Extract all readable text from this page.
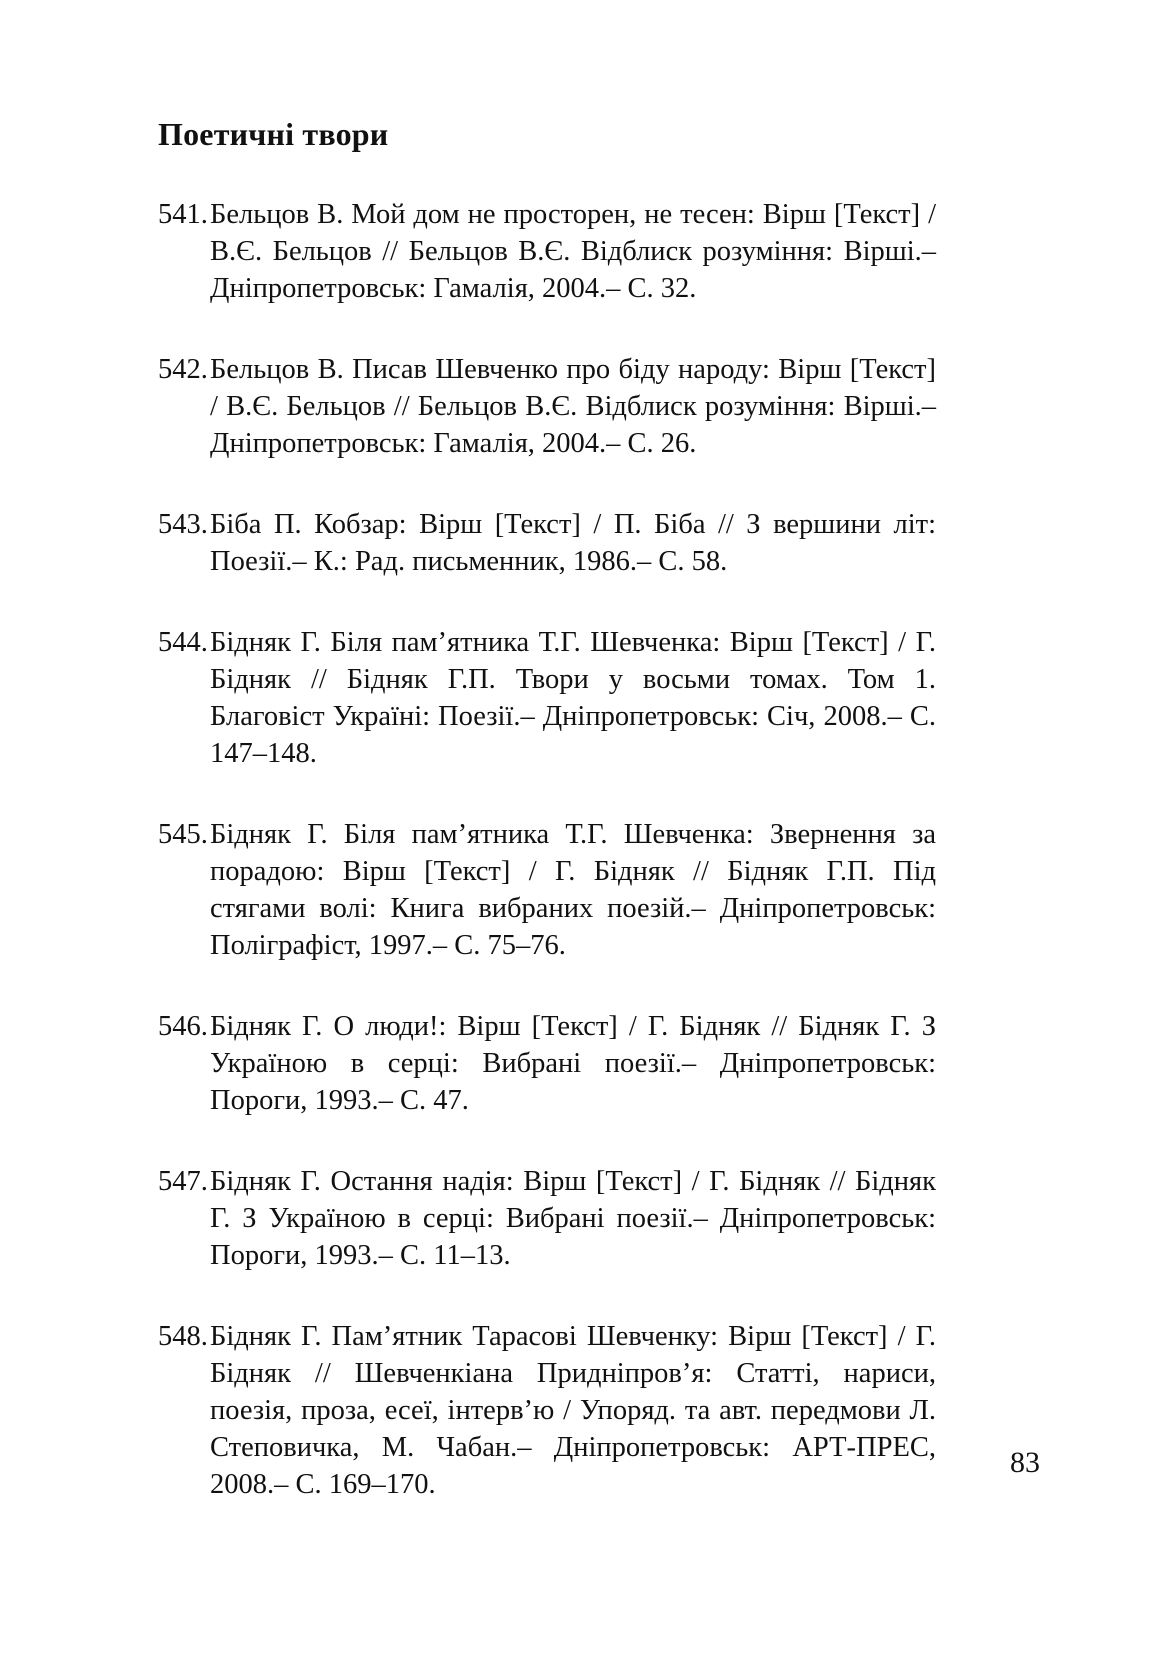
Поетичні твори
541. Бельцов В. Мой дом не просторен, не тесен: Вірш [Текст] / В.Є. Бельцов // Бельцов В.Є. Відблиск розуміння: Вірші.– Дніпропетровськ: Гамалія, 2004.– С. 32.
542. Бельцов В. Писав Шевченко про біду народу: Вірш [Текст] / В.Є. Бельцов // Бельцов В.Є. Відблиск розуміння: Вірші.– Дніпропетровськ: Гамалія, 2004.– С. 26.
543. Біба П. Кобзар: Вірш [Текст] / П. Біба // З вершини літ: Поезії.– К.: Рад. письменник, 1986.– С. 58.
544. Бідняк Г. Біля пам’ятника Т.Г. Шевченка: Вірш [Текст] / Г. Бідняк // Бідняк Г.П. Твори у восьми томах. Том 1. Благовіст Україні: Поезії.– Дніпропетровськ: Січ, 2008.– С. 147–148.
545. Бідняк Г. Біля пам’ятника Т.Г. Шевченка: Звернення за порадою: Вірш [Текст] / Г. Бідняк // Бідняк Г.П. Під стягами волі: Книга вибраних поезій.– Дніпропетровськ: Поліграфіст, 1997.– С. 75–76.
546. Бідняк Г. О люди!: Вірш [Текст] / Г. Бідняк // Бідняк Г. З Україною в серці: Вибрані поезії.– Дніпропетровськ: Пороги, 1993.– С. 47.
547. Бідняк Г. Остання надія: Вірш [Текст] / Г. Бідняк // Бідняк Г. З Україною в серці: Вибрані поезії.– Дніпропетровськ: Пороги, 1993.– С. 11–13.
548. Бідняк Г. Пам’ятник Тарасові Шевченку: Вірш [Текст] / Г. Бідняк // Шевченкіана Придніпров’я: Статті, нариси, поезія, проза, есеї, інтерв’ю / Упоряд. та авт. передмови Л. Степовичка, М. Чабан.– Дніпропетровськ: АРТ-ПРЕС, 2008.– С. 169–170.
83
